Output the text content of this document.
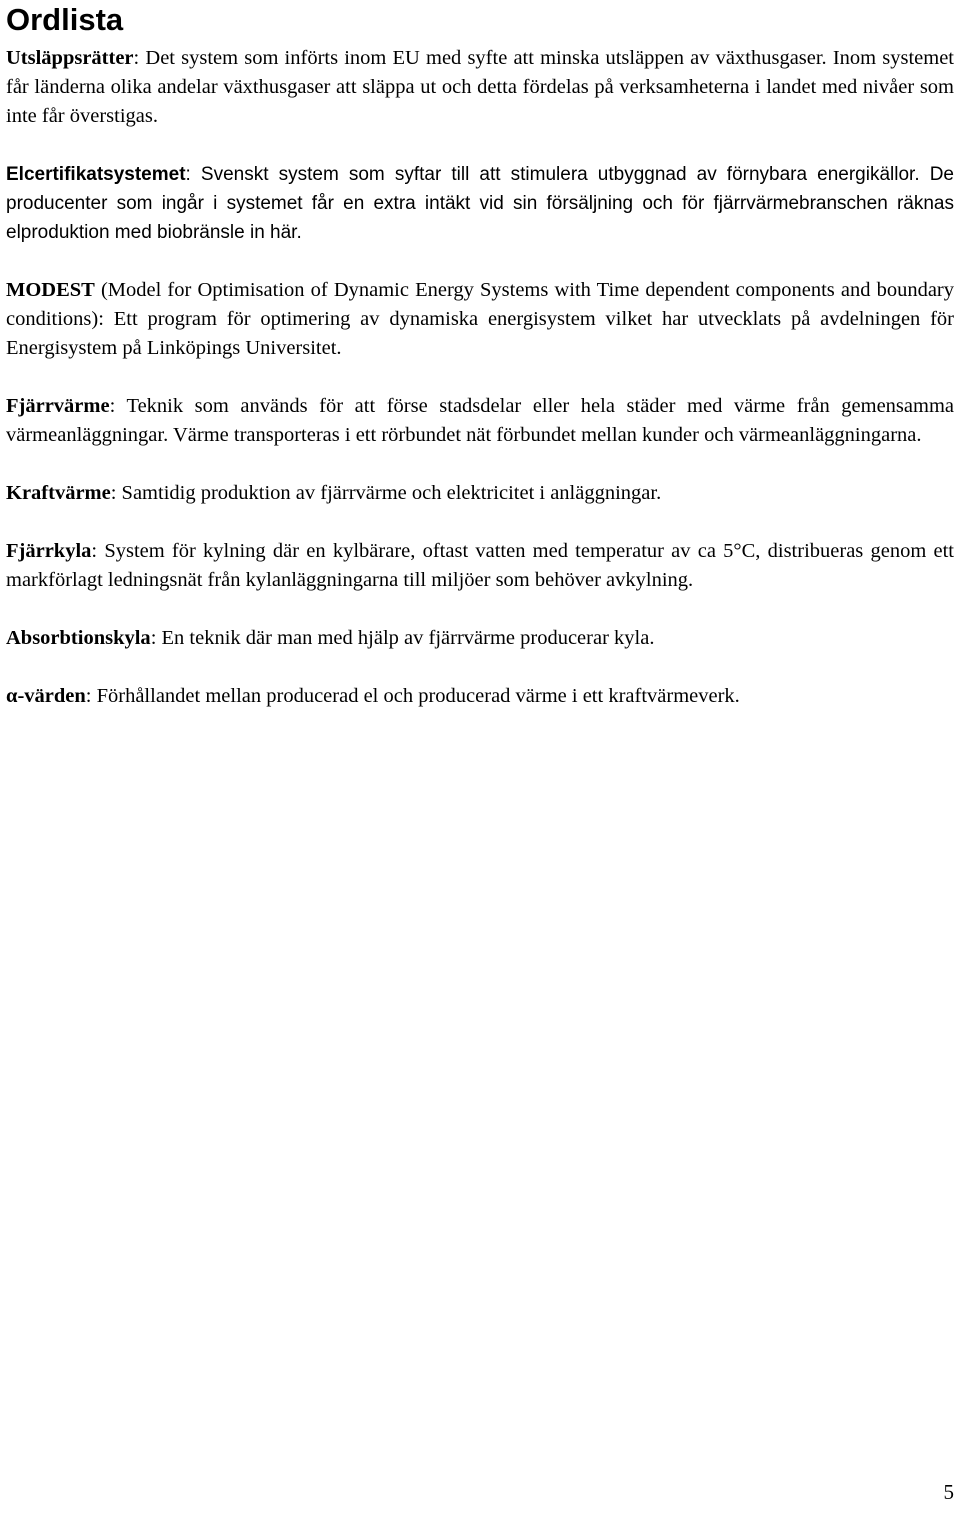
Ordlista

Utsläppsrätter: Det system som införts inom EU med syfte att minska utsläppen av växthusgaser. Inom systemet får länderna olika andelar växthusgaser att släppa ut och detta fördelas på verksamheterna i landet med nivåer som inte får överstigas.

Elcertifikatsystemet: Svenskt system som syftar till att stimulera utbyggnad av förnybara energikällor. De producenter som ingår i systemet får en extra intäkt vid sin försäljning och för fjärrvärmebranschen räknas elproduktion med biobränsle in här.

MODEST (Model for Optimisation of Dynamic Energy Systems with Time dependent components and boundary conditions): Ett program för optimering av dynamiska energisystem vilket har utvecklats på avdelningen för Energisystem på Linköpings Universitet.

Fjärrvärme: Teknik som används för att förse stadsdelar eller hela städer med värme från gemensamma värmeanläggningar. Värme transporteras i ett rörbundet nät förbundet mellan kunder och värmeanläggningarna.

Kraftvärme: Samtidig produktion av fjärrvärme och elektricitet i anläggningar.

Fjärrkyla: System för kylning där en kylbärare, oftast vatten med temperatur av ca 5°C, distribueras genom ett markförlagt ledningsnät från kylanläggningarna till miljöer som behöver avkylning.

Absorbtionskyla: En teknik där man med hjälp av fjärrvärme producerar kyla.

α-värden: Förhållandet mellan producerad el och producerad värme i ett kraftvärmeverk.

5
